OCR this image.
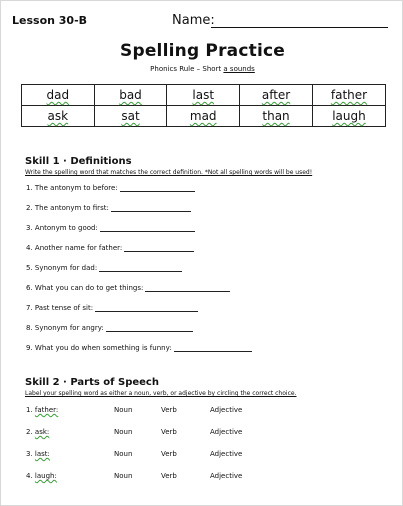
Lesson 30-B	Name:
Spelling Practice
Phonics Rule – Short a sounds
dad	bad	last	after	father
ask	sat	mad	than	laugh
Skill 1 · Definitions
Write the spelling word that matches the correct definition. *Not all spelling words will be used!
1. The antonym to before:
2. The antonym to first:
3. Antonym to good:
4. Another name for father:
5. Synonym for dad:
6. What you can do to get things:
7. Past tense of sit:
8. Synonym for angry:
9. What you do when something is funny:
Skill 2 · Parts of Speech
Label your spelling word as either a noun, verb, or adjective by circling the correct choice.
1. father:	Noun	Verb	Adjective
2. ask:	Noun	Verb	Adjective
3. last:	Noun	Verb	Adjective
4. laugh:	Noun	Verb	Adjective
